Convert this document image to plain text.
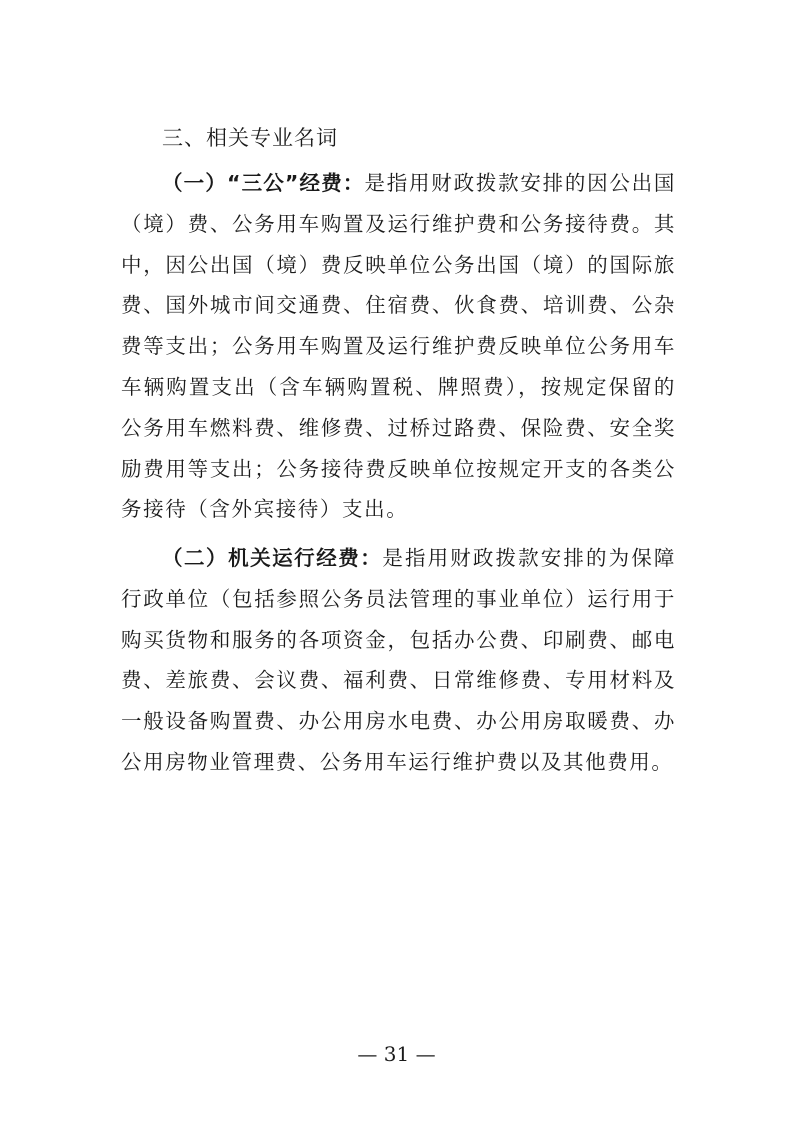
三、相关专业名词

（一）“三公”经费：是指用财政拨款安排的因公出国（境）费、公务用车购置及运行维护费和公务接待费。其中，因公出国（境）费反映单位公务出国（境）的国际旅费、国外城市间交通费、住宿费、伙食费、培训费、公杂费等支出；公务用车购置及运行维护费反映单位公务用车车辆购置支出（含车辆购置税、牌照费），按规定保留的公务用车燃料费、维修费、过桥过路费、保险费、安全奖励费用等支出；公务接待费反映单位按规定开支的各类公务接待（含外宾接待）支出。

（二）机关运行经费：是指用财政拨款安排的为保障行政单位（包括参照公务员法管理的事业单位）运行用于购买货物和服务的各项资金，包括办公费、印刷费、邮电费、差旅费、会议费、福利费、日常维修费、专用材料及一般设备购置费、办公用房水电费、办公用房取暖费、办公用房物业管理费、公务用车运行维护费以及其他费用。

— 31 —
